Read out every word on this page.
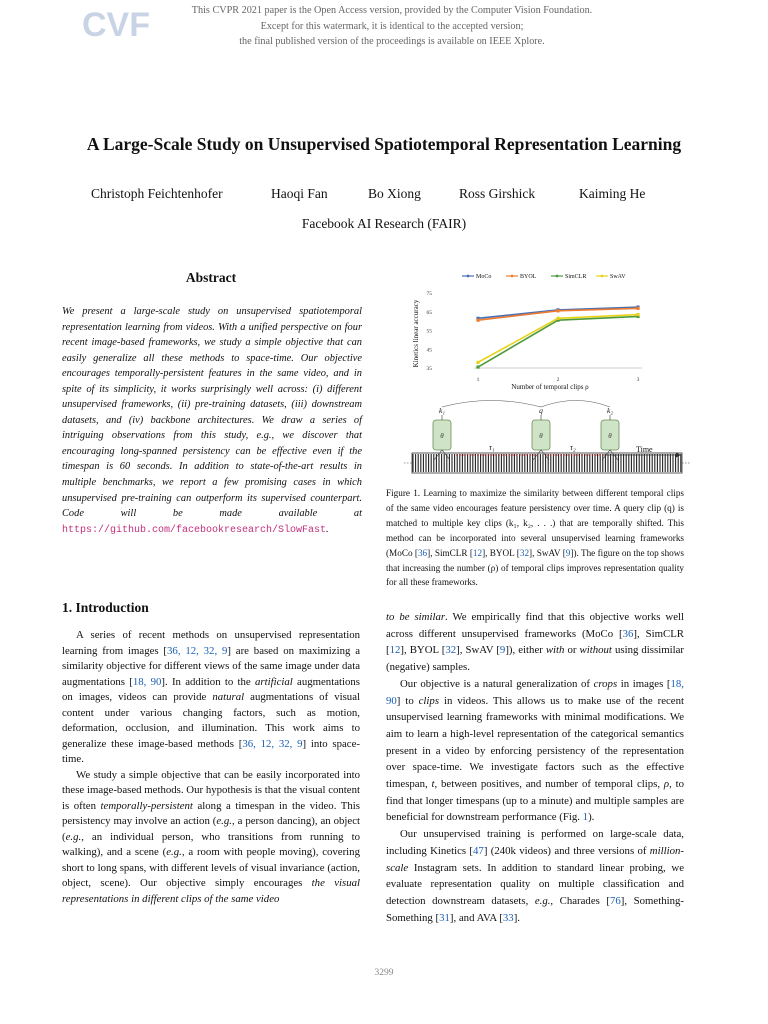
CVF	This CVPR 2021 paper is the Open Access version, provided by the Computer Vision Foundation.
Except for this watermark, it is identical to the accepted version;
the final published version of the proceedings is available on IEEE Xplore.
A Large-Scale Study on Unsupervised Spatiotemporal Representation Learning
Christoph Feichtenhofer	Haoqi Fan	Bo Xiong	Ross Girshick	Kaiming He
Facebook AI Research (FAIR)
Abstract
We present a large-scale study on unsupervised spatiotemporal representation learning from videos. With a unified perspective on four recent image-based frameworks, we study a simple objective that can easily generalize all these methods to space-time. Our objective encourages temporally-persistent features in the same video, and in spite of its simplicity, it works surprisingly well across: (i) different unsupervised frameworks, (ii) pre-training datasets, (iii) downstream datasets, and (iv) backbone architectures. We draw a series of intriguing observations from this study, e.g., we discover that encouraging long-spanned persistency can be effective even if the timespan is 60 seconds. In addition to state-of-the-art results in multiple benchmarks, we report a few promising cases in which unsupervised pre-training can outperform its supervised counterpart. Code will be made available at https://github.com/facebookresearch/SlowFast.
1. Introduction

A series of recent methods on unsupervised representation learning from images [36, 12, 32, 9] are based on maximizing a similarity objective for different views of the same image under data augmentations [18, 90]. In addition to the artificial augmentations on images, videos can provide natural augmentations of visual content under various changing factors, such as motion, deformation, occlusion, and illumination. This work aims to generalize these image-based methods [36, 12, 32, 9] into space-time.

We study a simple objective that can be easily incorporated into these image-based methods. Our hypothesis is that the visual content is often temporally-persistent along a timespan in the video. This persistency may involve an action (e.g., a person dancing), an object (e.g., an individual person, who transitions from running to walking), and a scene (e.g., a room with people moving), covering short to long spans, with different levels of visual invariance (action, object, scene). Our objective simply encourages the visual representations in different clips of the same video

35
45
55
65
75
1	2	3
Number of temporal clips ρ
Kinetics linear accuracy
MoCo	BYOL	SimCLR	SwAV
Time
τ₁	τ₂
θ
k₁
θ
q
θ
k₂
Figure 1. Learning to maximize the similarity between different temporal clips of the same video encourages feature persistency over time. A query clip (q) is matched to multiple key clips (k₁, k₂, . . .) that are temporally shifted. This method can be incorporated into several unsupervised learning frameworks (MoCo [36], SimCLR [12], BYOL [32], SwAV [9]). The figure on the top shows that increasing the number (ρ) of temporal clips improves representation quality for all these frameworks.

to be similar. We empirically find that this objective works well across different unsupervised frameworks (MoCo [36], SimCLR [12], BYOL [32], SwAV [9]), either with or without using dissimilar (negative) samples.

Our objective is a natural generalization of crops in images [18, 90] to clips in videos. This allows us to make use of the recent unsupervised learning frameworks with minimal modifications. We aim to learn a high-level representation of the categorical semantics present in a video by enforcing persistency of the representation over space-time. We investigate factors such as the effective timespan, t, between positives, and number of temporal clips, ρ, to find that longer timespans (up to a minute) and multiple samples are beneficial for downstream performance (Fig. 1).

Our unsupervised training is performed on large-scale data, including Kinetics [47] (240k videos) and three versions of million-scale Instagram sets. In addition to standard linear probing, we evaluate representation quality on multiple classification and detection downstream datasets, e.g., Charades [76], Something-Something [31], and AVA [33].

3299
